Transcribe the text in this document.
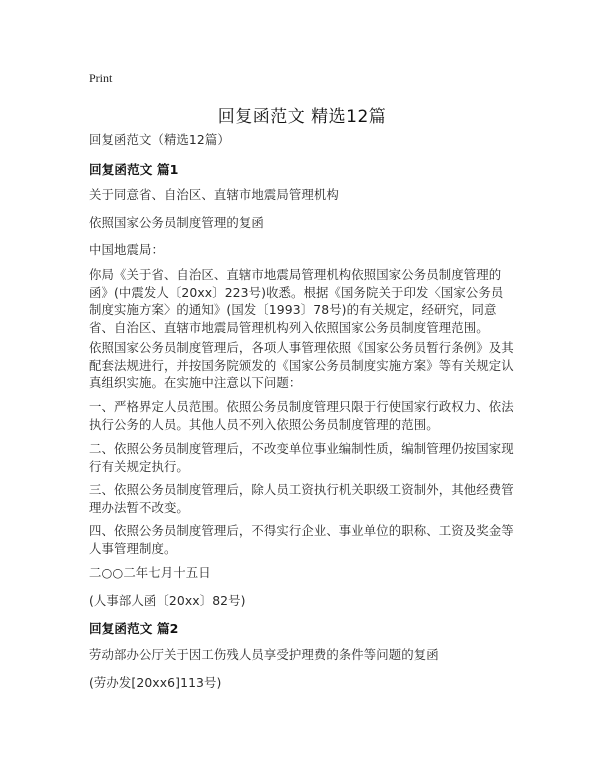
Print
回复函范文 精选12篇
回复函范文（精选12篇）
回复函范文 篇1
关于同意省、自治区、直辖市地震局管理机构
依照国家公务员制度管理的复函
中国地震局：
你局《关于省、自治区、直辖市地震局管理机构依照国家公务员制度管理的函》(中震发人〔20xx〕223号)收悉。根据《国务院关于印发〈国家公务员制度实施方案〉的通知》(国发〔1993〕78号)的有关规定，经研究，同意省、自治区、直辖市地震局管理机构列入依照国家公务员制度管理范围。
依照国家公务员制度管理后，各项人事管理依照《国家公务员暂行条例》及其配套法规进行，并按国务院颁发的《国家公务员制度实施方案》等有关规定认真组织实施。在实施中注意以下问题：
一、严格界定人员范围。依照公务员制度管理只限于行使国家行政权力、依法执行公务的人员。其他人员不列入依照公务员制度管理的范围。
二、依照公务员制度管理后，不改变单位事业编制性质，编制管理仍按国家现行有关规定执行。
三、依照公务员制度管理后，除人员工资执行机关职级工资制外，其他经费管理办法暂不改变。
四、依照公务员制度管理后，不得实行企业、事业单位的职称、工资及奖金等人事管理制度。
二○○二年七月十五日
(人事部人函〔20xx〕82号)
回复函范文 篇2
劳动部办公厅关于因工伤残人员享受护理费的条件等问题的复函
(劳办发[20xx6]113号)
